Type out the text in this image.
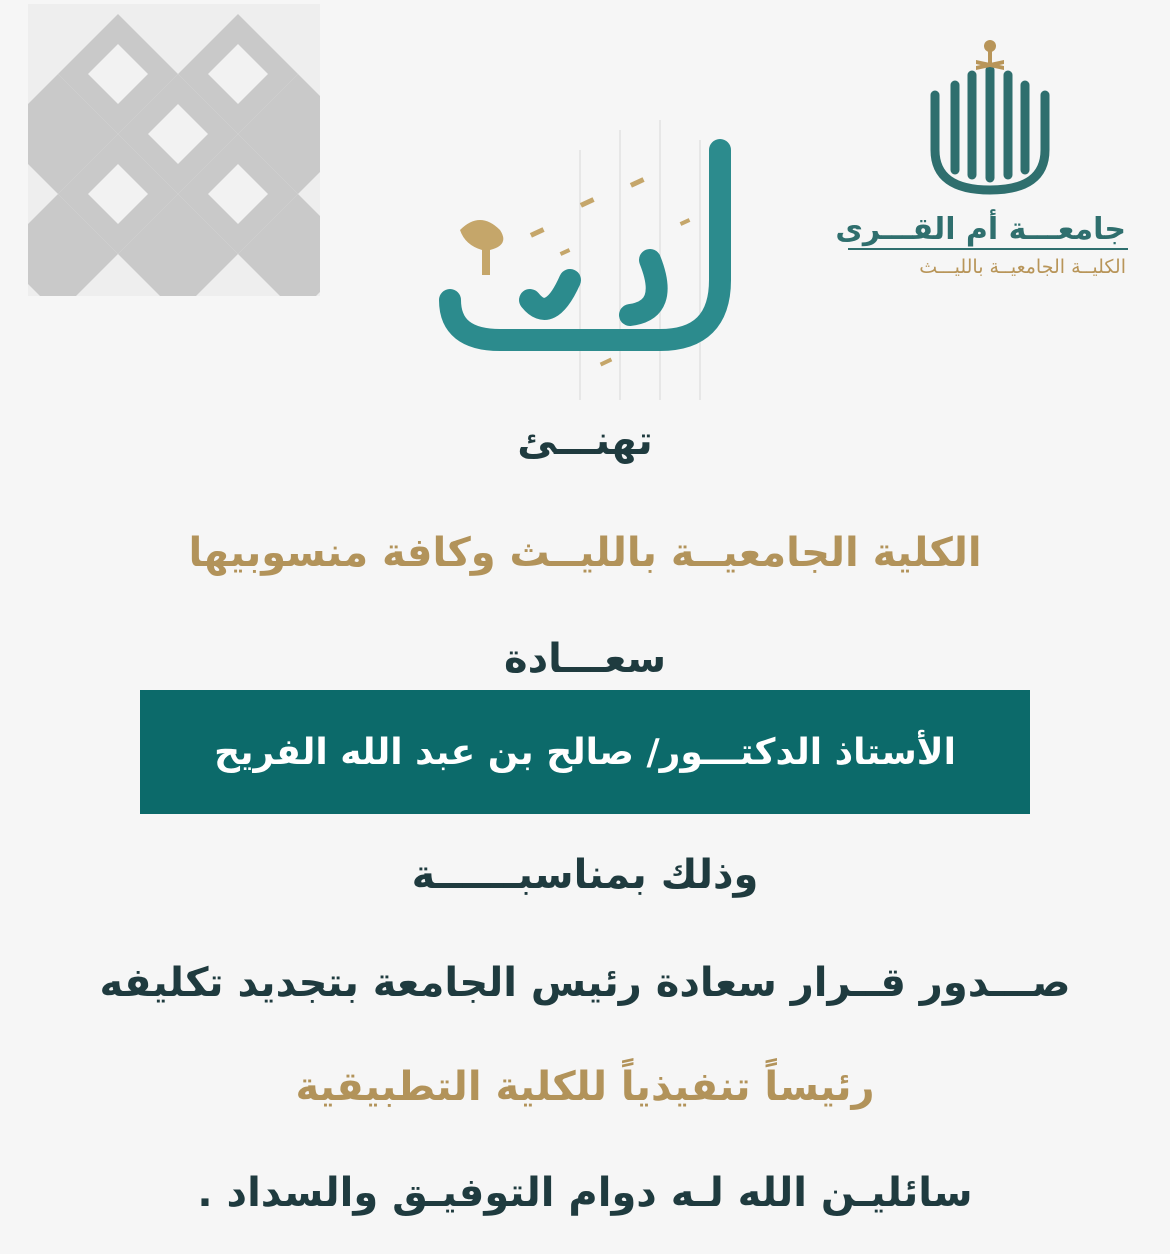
جامعـــة أم القـــرى
الكليــة الجامعيــة بالليـــث
تهنـــئ
الكلية الجامعيــة بالليــث وكافة منسوبيها
سعـــادة
الأستاذ الدكتـــور/ صالح بن عبد الله الفريح
وذلك بمناسبــــــة
صـــدور قــرار سعادة رئيس الجامعة بتجديد تكليفه
رئيساً تنفيذياً للكلية التطبيقية
سائليـن الله لـه دوام التوفيـق والسداد .
